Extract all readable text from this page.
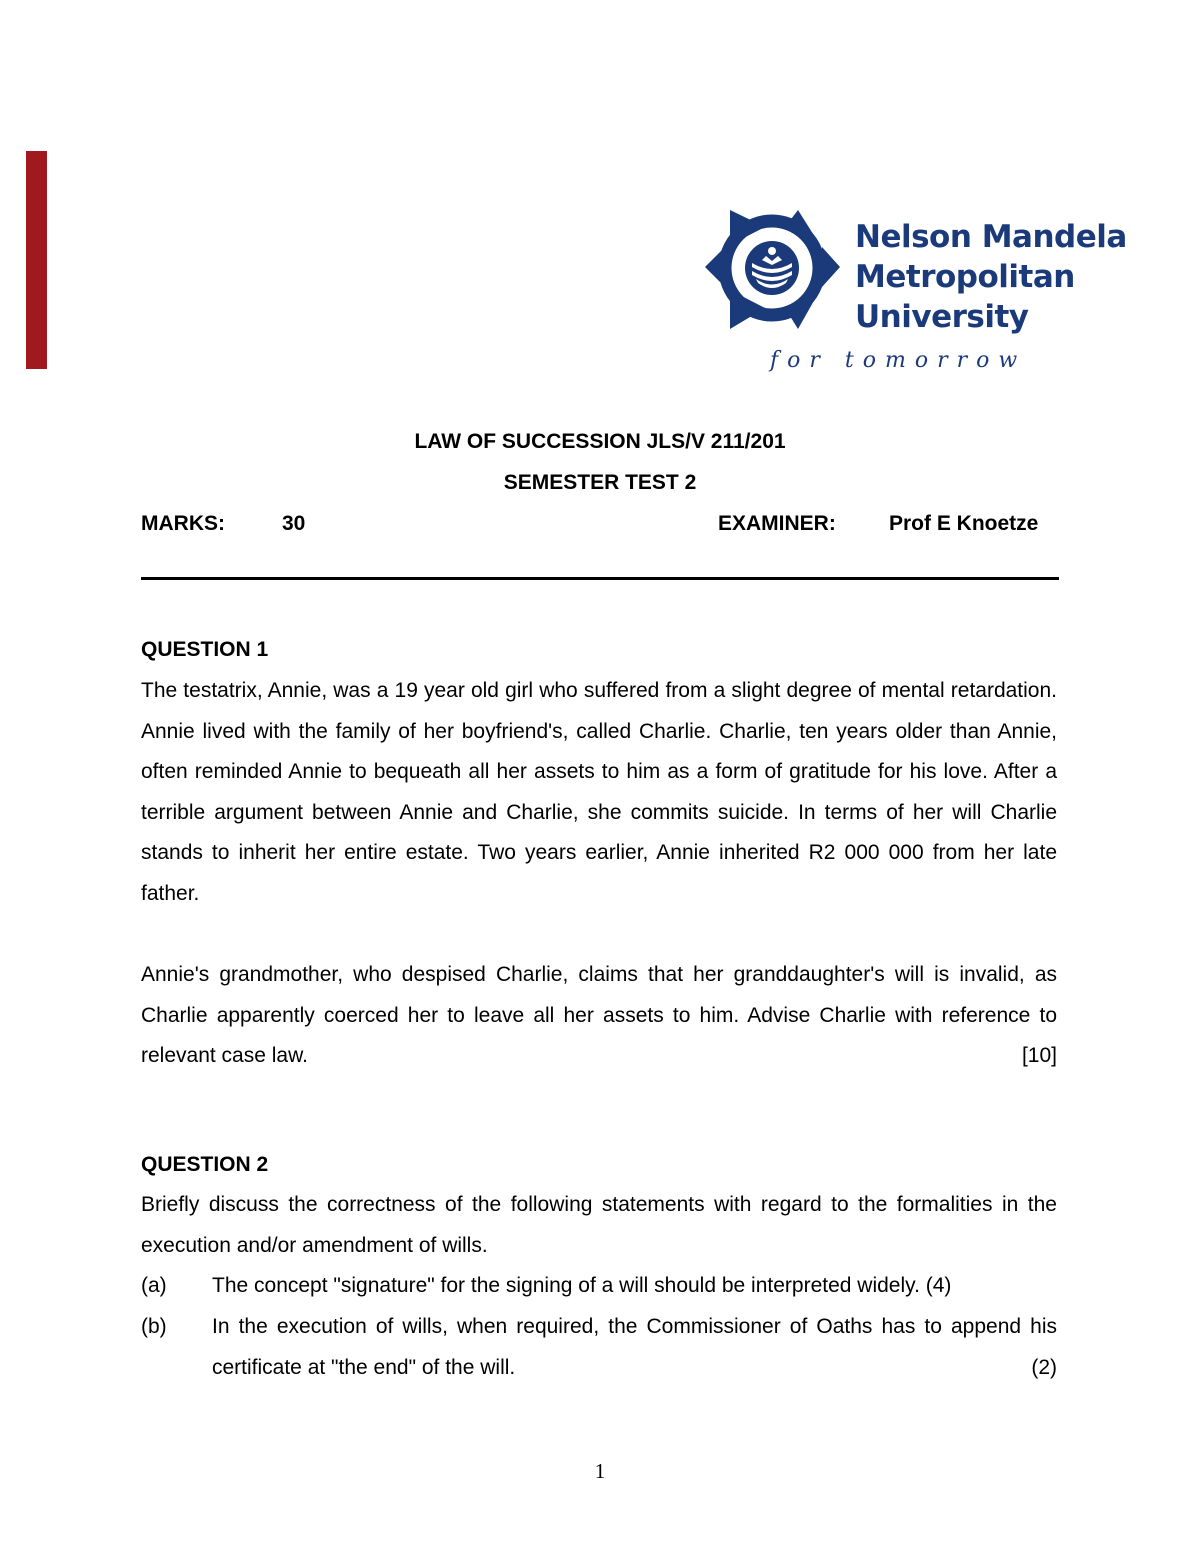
Nelson Mandela
Metropolitan
University
for tomorrow
LAW OF SUCCESSION JLS/V 211/201
SEMESTER TEST 2
MARKS:	30	EXAMINER:	Prof E Knoetze
QUESTION 1
The testatrix, Annie, was a 19 year old girl who suffered from a slight degree of mental retardation. Annie lived with the family of her boyfriend's, called Charlie. Charlie, ten years older than Annie, often reminded Annie to bequeath all her assets to him as a form of gratitude for his love. After a terrible argument between Annie and Charlie, she commits suicide. In terms of her will Charlie stands to inherit her entire estate. Two years earlier, Annie inherited R2 000 000 from her late father.
Annie's grandmother, who despised Charlie, claims that her granddaughter's will is invalid, as Charlie apparently coerced her to leave all her assets to him. Advise Charlie with reference to relevant case law.	[10]
QUESTION 2
Briefly discuss the correctness of the following statements with regard to the formalities in the execution and/or amendment of wills.
(a) The concept "signature" for the signing of a will should be interpreted widely. (4)
(b) In the execution of wills, when required, the Commissioner of Oaths has to append his certificate at "the end" of the will.	(2)
1
